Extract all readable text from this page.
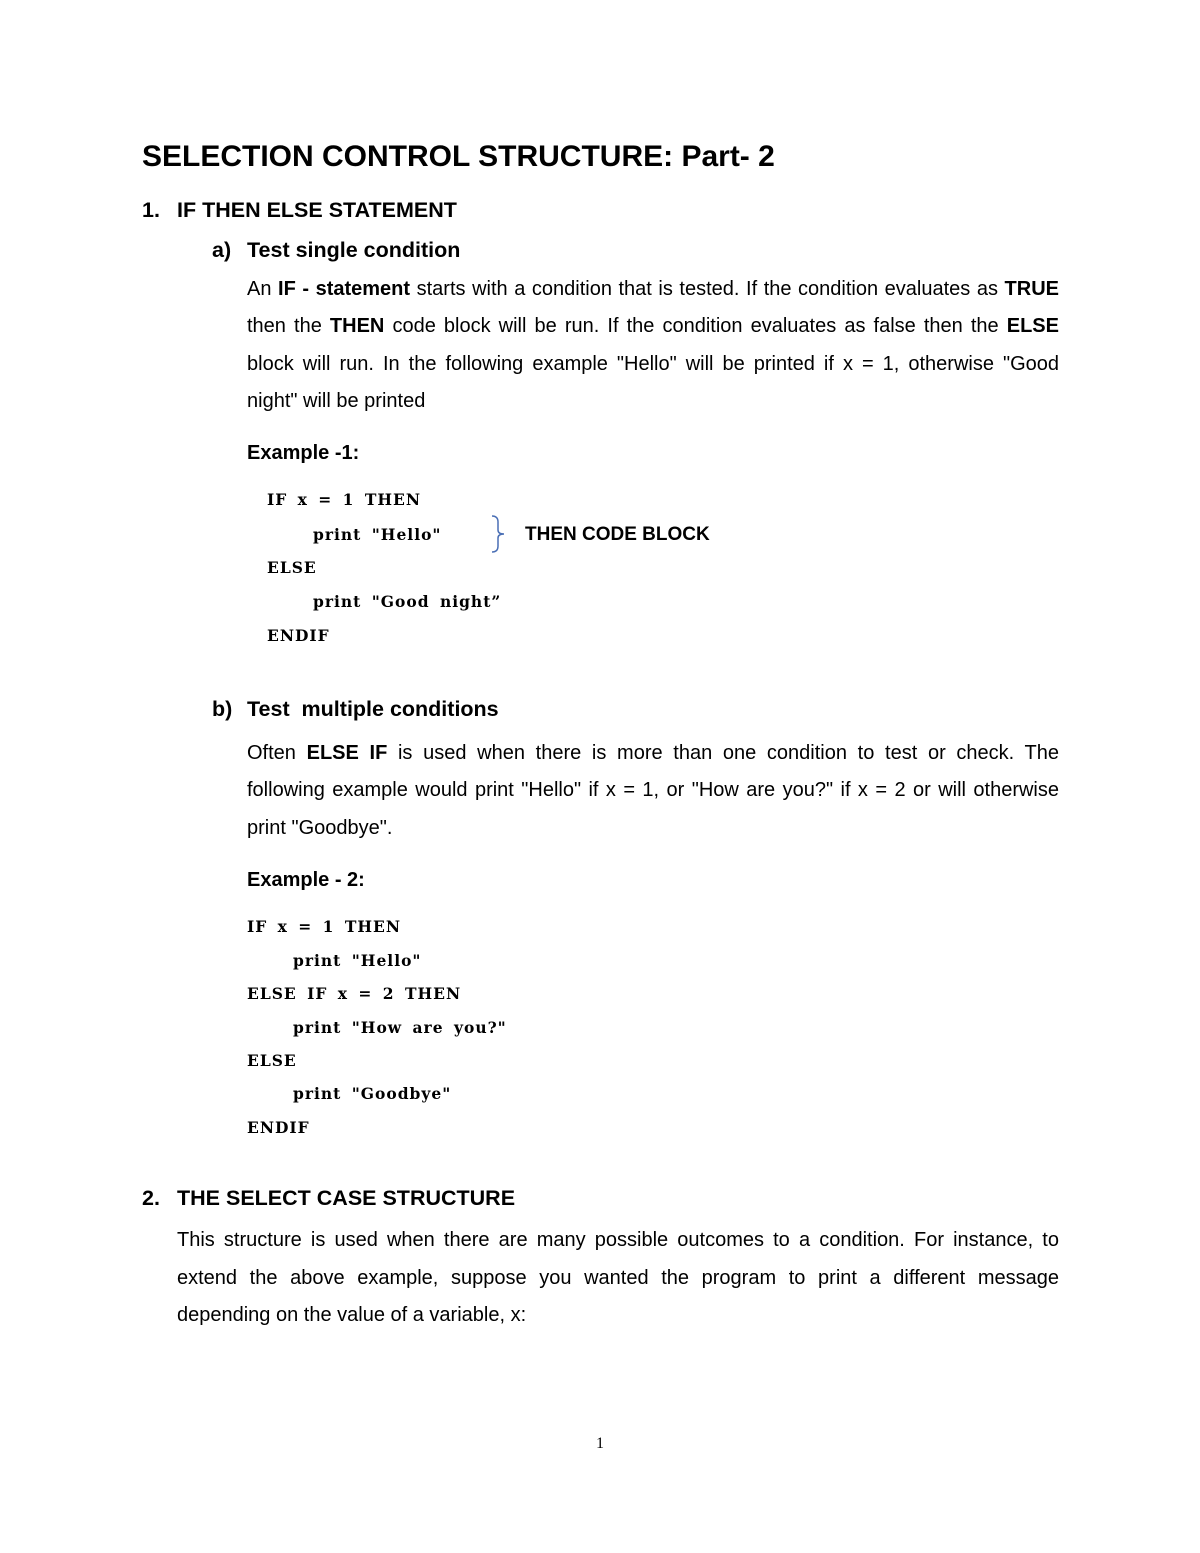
SELECTION CONTROL STRUCTURE: Part- 2
1. IF THEN ELSE STATEMENT
a) Test single condition

An IF - statement starts with a condition that is tested. If the condition evaluates as TRUE then the THEN code block will be run. If the condition evaluates as false then the ELSE block will run. In the following example "Hello" will be printed if x = 1, otherwise "Good night" will be printed

Example -1:
IF x = 1 THEN
print "Hello"
ELSE
print "Good night”
ENDIF
THEN CODE BLOCK
b) Test  multiple conditions

Often ELSE IF is used when there is more than one condition to test or check. The following example would print "Hello" if x = 1, or "How are you?" if x = 2 or will otherwise print "Goodbye".

Example - 2:
IF x = 1 THEN
print "Hello"
ELSE IF x = 2 THEN
print "How are you?"
ELSE
print "Goodbye"
ENDIF
2. THE SELECT CASE STRUCTURE

This structure is used when there are many possible outcomes to a condition. For instance, to extend the above example, suppose you wanted the program to print a different message depending on the value of a variable, x:

1
